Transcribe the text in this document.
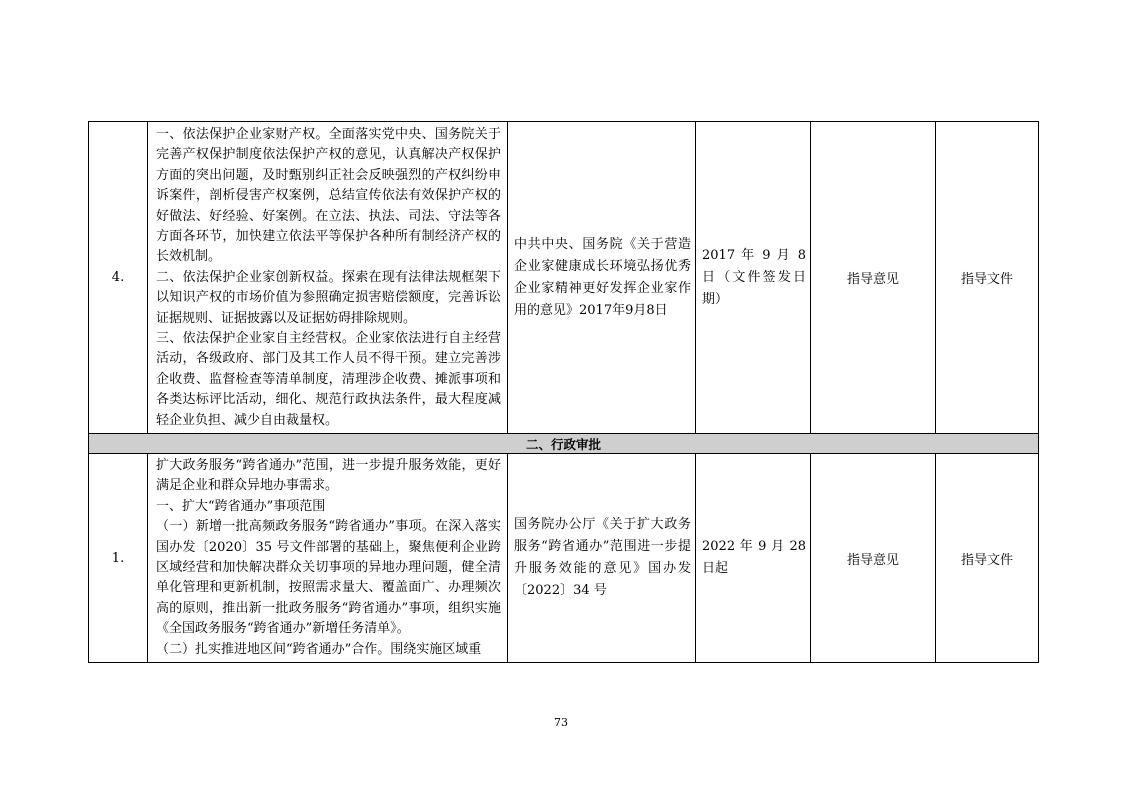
4.	一、依法保护企业家财产权。全面落实党中央、国务院关于完善产权保护制度依法保护产权的意见，认真解决产权保护方面的突出问题，及时甄别纠正社会反映强烈的产权纠纷申诉案件，剖析侵害产权案例，总结宣传依法有效保护产权的好做法、好经验、好案例。在立法、执法、司法、守法等各方面各环节，加快建立依法平等保护各种所有制经济产权的长效机制。

二、依法保护企业家创新权益。探索在现有法律法规框架下以知识产权的市场价值为参照确定损害赔偿额度，完善诉讼证据规则、证据披露以及证据妨碍排除规则。

三、依法保护企业家自主经营权。企业家依法进行自主经营活动，各级政府、部门及其工作人员不得干预。建立完善涉企收费、监督检查等清单制度，清理涉企收费、摊派事项和各类达标评比活动，细化、规范行政执法条件，最大程度减轻企业负担、减少自由裁量权。	中共中央、国务院《关于营造企业家健康成长环境弘扬优秀企业家精神更好发挥企业家作用的意见》2017年9月8日	2017 年 9 月 8 日（文件签发日期）	指导意见	指导文件
二、行政审批					
1.	扩大政务服务“跨省通办”范围，进一步提升服务效能，更好满足企业和群众异地办事需求。

一、扩大“跨省通办”事项范围

（一）新增一批高频政务服务“跨省通办”事项。在深入落实国办发〔2020〕35 号文件部署的基础上，聚焦便利企业跨区域经营和加快解决群众关切事项的异地办理问题，健全清单化管理和更新机制，按照需求量大、覆盖面广、办理频次高的原则，推出新一批政务服务“跨省通办”事项，组织实施《全国政务服务“跨省通办”新增任务清单》。

（二）扎实推进地区间“跨省通办”合作。围绕实施区域重	国务院办公厅《关于扩大政务服务“跨省通办”范围进一步提升服务效能的意见》国办发〔2022〕34 号	2022 年 9 月 28 日起	指导意见	指导文件
73
